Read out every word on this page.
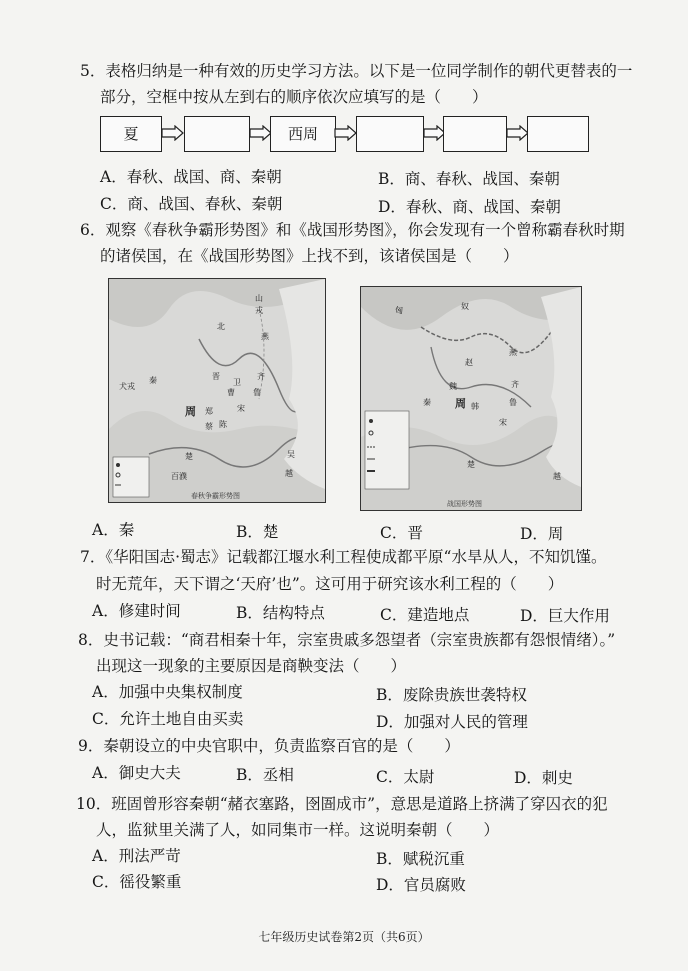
5．表格归纳是一种有效的历史学习方法。以下是一位同学制作的朝代更替表的一
部分，空框中按从左到右的顺序依次应填写的是（　　）
夏	西周
A．春秋、战国、商、秦朝	B．商、春秋、战国、秦朝
C．商、战国、春秋、秦朝	D．春秋、商、战国、秦朝
6．观察《春秋争霸形势图》和《战国形势图》，你会发现有一个曾称霸春秋时期
的诸侯国，在《战国形势图》上找不到，该诸侯国是（　　）
山
戎
北
燕
晋
卫
齐
鲁
曹
宋
郑
陈
蔡
周
秦
犬戎
楚	吴
越
百濮
春秋争霸形势图
匈	奴
燕
赵
魏	齐
韩
周	鲁
宋
秦
楚
越
战国形势图
A．秦	B．楚	C．晋	D．周
7．《华阳国志·蜀志》记载都江堰水利工程使成都平原“水旱从人，不知饥馑。
时无荒年，天下谓之‘天府’也”。这可用于研究该水利工程的（　　）
A．修建时间	B．结构特点	C．建造地点	D．巨大作用
8．史书记载：“商君相秦十年，宗室贵戚多怨望者（宗室贵族都有怨恨情绪）。”
出现这一现象的主要原因是商鞅变法（　　）
A．加强中央集权制度	B．废除贵族世袭特权
C．允许土地自由买卖	D．加强对人民的管理
9．秦朝设立的中央官职中，负责监察百官的是（　　）
A．御史大夫	B．丞相	C．太尉	D．刺史
10．班固曾形容秦朝“赭衣塞路，囹圄成市”，意思是道路上挤满了穿囚衣的犯
人，监狱里关满了人，如同集市一样。这说明秦朝（　　）
A．刑法严苛	B．赋税沉重
C．徭役繁重	D．官员腐败
七年级历史试卷第2页（共6页）
